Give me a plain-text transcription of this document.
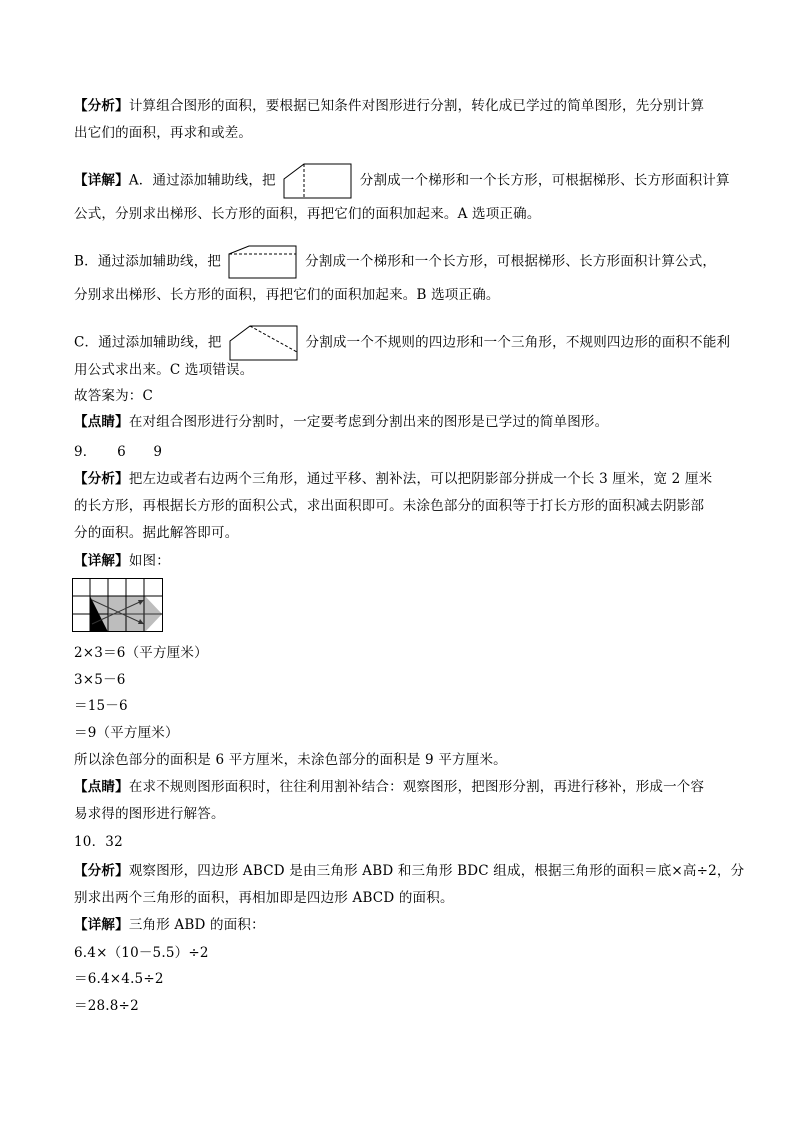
【分析】计算组合图形的面积，要根据已知条件对图形进行分割，转化成已学过的简单图形，先分别计算
出它们的面积，再求和或差。
【详解】A．通过添加辅助线，把	分割成一个梯形和一个长方形，可根据梯形、长方形面积计算
公式，分别求出梯形、长方形的面积，再把它们的面积加起来。A 选项正确。
B．通过添加辅助线，把	分割成一个梯形和一个长方形，可根据梯形、长方形面积计算公式，
分别求出梯形、长方形的面积，再把它们的面积加起来。B 选项正确。
C．通过添加辅助线，把	分割成一个不规则的四边形和一个三角形，不规则四边形的面积不能利
用公式求出来。C 选项错误。
故答案为：C
【点睛】在对组合图形进行分割时，一定要考虑到分割出来的图形是已学过的简单图形。
9．　　6　　9
【分析】把左边或者右边两个三角形，通过平移、割补法，可以把阴影部分拼成一个长 3 厘米，宽 2 厘米
的长方形，再根据长方形的面积公式，求出面积即可。未涂色部分的面积等于打长方形的面积减去阴影部
分的面积。据此解答即可。
【详解】如图：
2×3＝6（平方厘米）
3×5－6
＝15－6
＝9（平方厘米）
所以涂色部分的面积是 6 平方厘米，未涂色部分的面积是 9 平方厘米。
【点睛】在求不规则图形面积时，往往利用割补结合：观察图形，把图形分割，再进行移补，形成一个容
易求得的图形进行解答。
10．32
【分析】观察图形，四边形 ABCD 是由三角形 ABD 和三角形 BDC 组成，根据三角形的面积＝底×高÷2，分
别求出两个三角形的面积，再相加即是四边形 ABCD 的面积。
【详解】三角形 ABD 的面积：
6.4×（10－5.5）÷2
＝6.4×4.5÷2
＝28.8÷2
